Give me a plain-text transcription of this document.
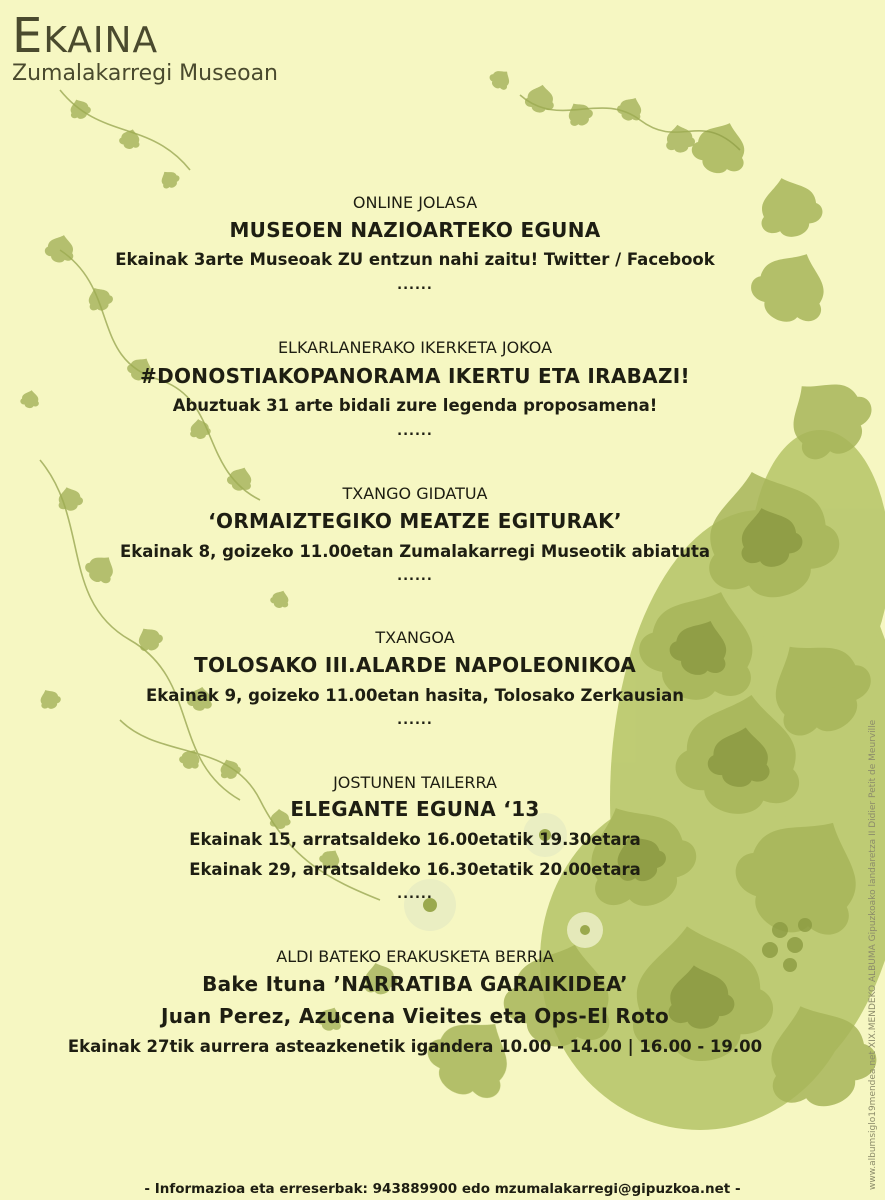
EKAINA
Zumalakarregi Museoan
ONLINE JOLASA
MUSEOEN NAZIOARTEKO EGUNA
Ekainak 3arte Museoak ZU entzun nahi zaitu! Twitter / Facebook
......
ELKARLANERAKO IKERKETA JOKOA
#DONOSTIAKOPANORAMA IKERTU ETA IRABAZI!
Abuztuak 31 arte bidali zure legenda proposamena!
......
TXANGO GIDATUA
‘ORMAIZTEGIKO MEATZE EGITURAK’
Ekainak 8, goizeko 11.00etan Zumalakarregi Museotik abiatuta
......
TXANGOA
TOLOSAKO III.ALARDE NAPOLEONIKOA
Ekainak 9, goizeko 11.00etan hasita, Tolosako Zerkausian
......
JOSTUNEN TAILERRA
ELEGANTE EGUNA ‘13
Ekainak 15, arratsaldeko 16.00etatik 19.30etara
Ekainak 29, arratsaldeko 16.30etatik 20.00etara
......
ALDI BATEKO ERAKUSKETA BERRIA
Bake Ituna ’NARRATIBA GARAIKIDEA’
Juan Perez, Azucena Vieites eta Ops-El Roto
Ekainak 27tik aurrera asteazkenetik igandera 10.00 - 14.00 | 16.00 - 19.00
- Informazioa eta erreserbak: 943889900 edo mzumalakarregi@gipuzkoa.net -	www.albumsiglo19mendea.net XIX.MENDEKO ALBUMA Gipuzkoako landaretza II Didier Petit de Meurville
